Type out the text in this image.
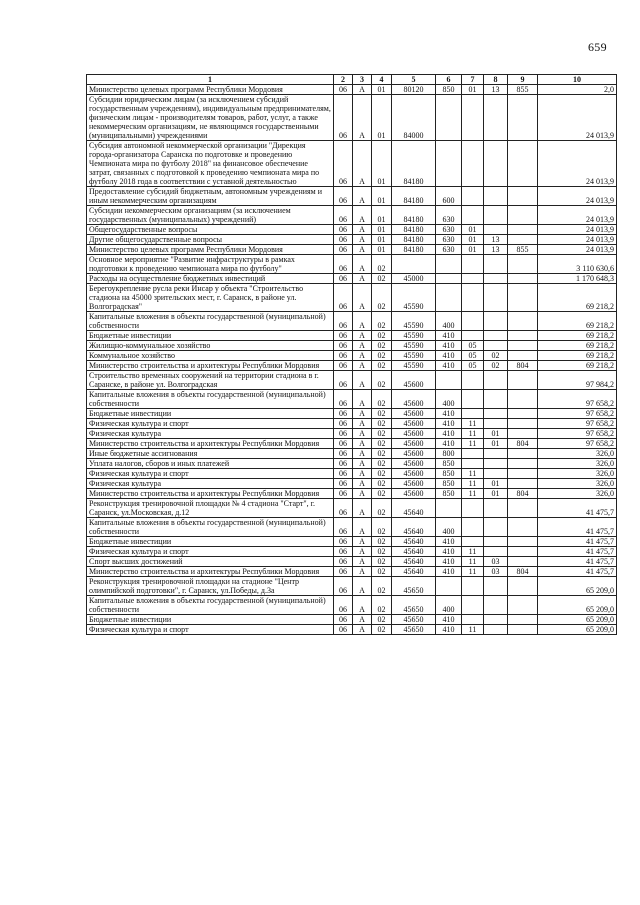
659
1	2	3	4	5	6	7	8	9	10
Министерство целевых программ Республики Мордовия	06	А	01	80120	850	01	13	855	2,0
Субсидии юридическим лицам (за исключением субсидий государственным учреждениям), индивидуальным предпринимателям, физическим лицам - производителям товаров, работ, услуг, а также некоммерческим организациям, не являющимся государственными (муниципальными) учреждениями	06	А	01	84000					24 013,9
Субсидия автономной некоммерческой организации "Дирекция города-организатора Саранска по подготовке и проведению Чемпионата мира по футболу 2018" на финансовое обеспечение затрат, связанных с подготовкой к проведению чемпионата мира по футболу 2018 года в соответствии с уставной деятельностью	06	А	01	84180					24 013,9
Предоставление субсидий бюджетным, автономным учреждениям и иным некоммерческим организациям	06	А	01	84180	600				24 013,9
Субсидии некоммерческим организациям (за исключением государственных (муниципальных) учреждений)	06	А	01	84180	630				24 013,9
Общегосударственные вопросы	06	А	01	84180	630	01			24 013,9
Другие общегосударственные вопросы	06	А	01	84180	630	01	13		24 013,9
Министерство целевых программ Республики Мордовия	06	А	01	84180	630	01	13	855	24 013,9
Основное мероприятие "Развитие инфраструктуры в рамках подготовки к проведению чемпионата мира по футболу"	06	А	02						3 110 630,6
Расходы на осуществление бюджетных инвестиций	06	А	02	45000					1 170 648,3
Берегоукрепление русла реки Инсар у объекта "Строительство стадиона на 45000 зрительских мест, г. Саранск, в районе ул. Волгоградская"	06	А	02	45590					69 218,2
Капитальные вложения в объекты государственной (муниципальной) собственности	06	А	02	45590	400				69 218,2
Бюджетные инвестиции	06	А	02	45590	410				69 218,2
Жилищно-коммунальное хозяйство	06	А	02	45590	410	05			69 218,2
Коммунальное хозяйство	06	А	02	45590	410	05	02		69 218,2
Министерство строительства и архитектуры Республики Мордовия	06	А	02	45590	410	05	02	804	69 218,2
Строительство временных сооружений на территории стадиона в г. Саранске, в районе ул. Волгоградская	06	А	02	45600					97 984,2
Капитальные вложения в объекты государственной (муниципальной) собственности	06	А	02	45600	400				97 658,2
Бюджетные инвестиции	06	А	02	45600	410				97 658,2
Физическая культура и спорт	06	А	02	45600	410	11			97 658,2
Физическая культура	06	А	02	45600	410	11	01		97 658,2
Министерство строительства и архитектуры Республики Мордовия	06	А	02	45600	410	11	01	804	97 658,2
Иные бюджетные ассигнования	06	А	02	45600	800				326,0
Уплата налогов, сборов и иных платежей	06	А	02	45600	850				326,0
Физическая культура и спорт	06	А	02	45600	850	11			326,0
Физическая культура	06	А	02	45600	850	11	01		326,0
Министерство строительства и архитектуры Республики Мордовия	06	А	02	45600	850	11	01	804	326,0
Реконструкция тренировочной площадки № 4 стадиона "Старт", г. Саранск, ул.Московская, д.12	06	А	02	45640					41 475,7
Капитальные вложения в объекты государственной (муниципальной) собственности	06	А	02	45640	400				41 475,7
Бюджетные инвестиции	06	А	02	45640	410				41 475,7
Физическая культура и спорт	06	А	02	45640	410	11			41 475,7
Спорт высших достижений	06	А	02	45640	410	11	03		41 475,7
Министерство строительства и архитектуры Республики Мордовия	06	А	02	45640	410	11	03	804	41 475,7
Реконструкция тренировочной площадки на стадионе "Центр олимпийской подготовки", г. Саранск, ул.Победы, д.3а	06	А	02	45650					65 209,0
Капитальные вложения в объекты государственной (муниципальной) собственности	06	А	02	45650	400				65 209,0
Бюджетные инвестиции	06	А	02	45650	410				65 209,0
Физическая культура и спорт	06	А	02	45650	410	11			65 209,0
